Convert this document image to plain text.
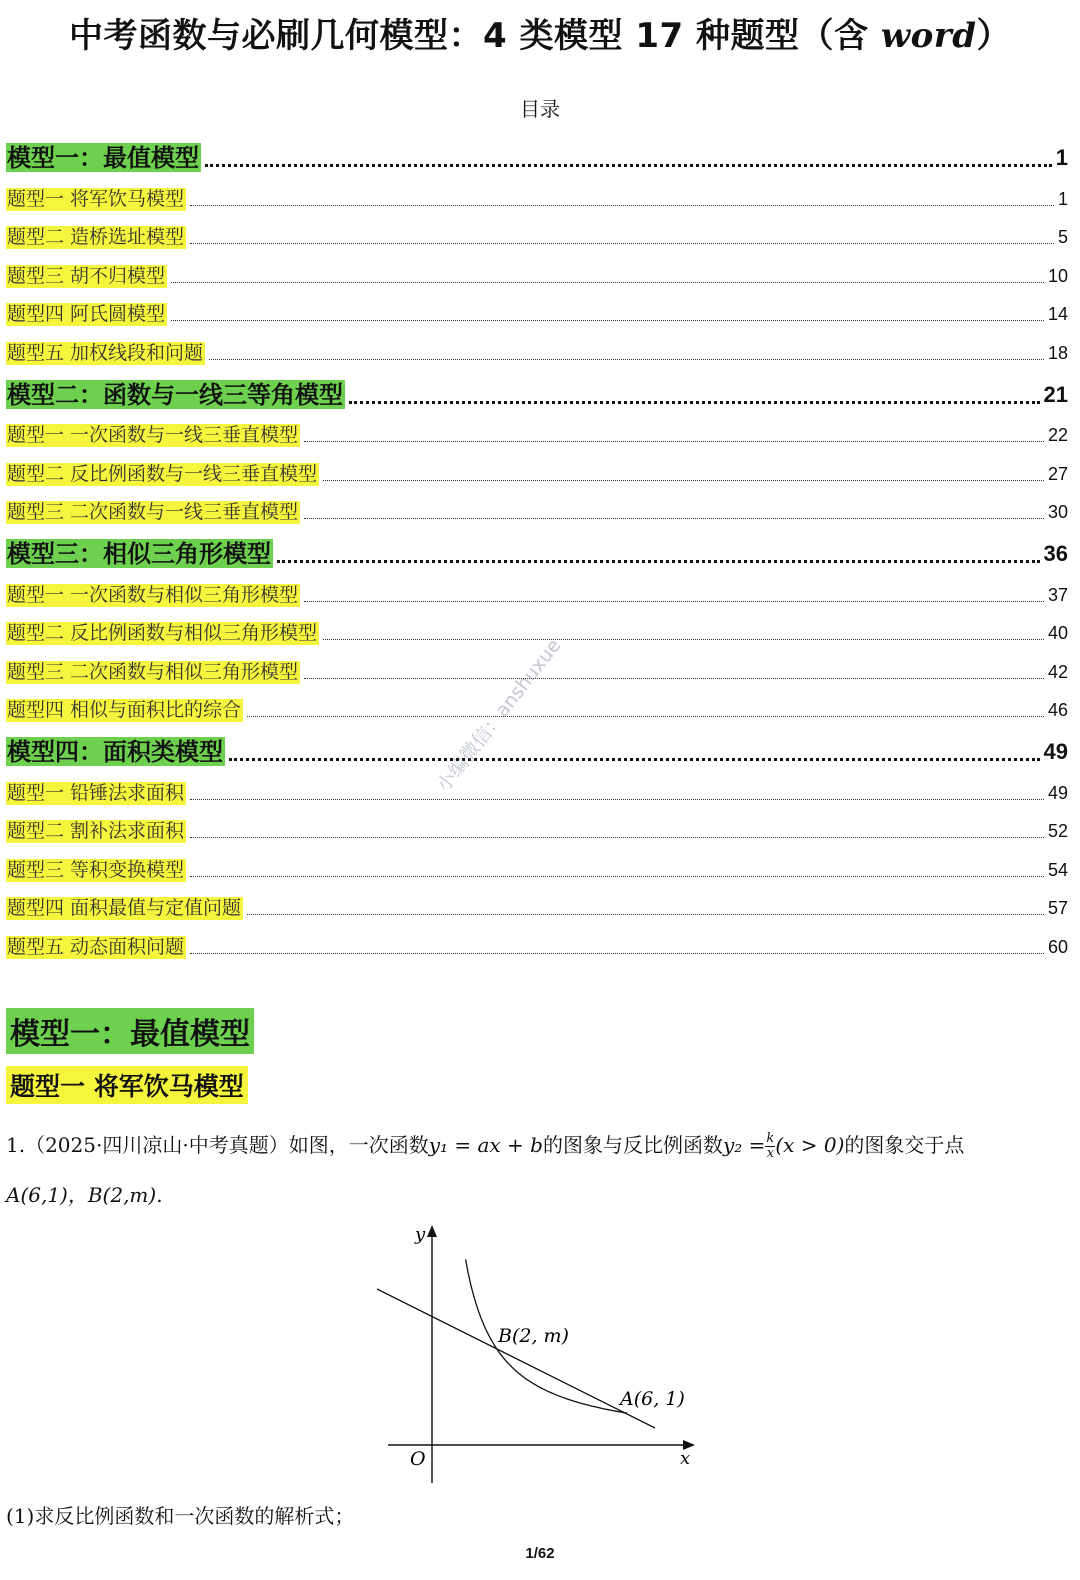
中考函数与必刷几何模型：4 类模型 17 种题型（含 word）
目录
模型一：最值模型	1
题型一 将军饮马模型	1
题型二 造桥选址模型	5
题型三 胡不归模型	10
题型四 阿氏圆模型	14
题型五 加权线段和问题	18
模型二：函数与一线三等角模型	21
题型一 一次函数与一线三垂直模型	22
题型二 反比例函数与一线三垂直模型	27
题型三 二次函数与一线三垂直模型	30
模型三：相似三角形模型	36
题型一 一次函数与相似三角形模型	37
题型二 反比例函数与相似三角形模型	40
题型三 二次函数与相似三角形模型	42
题型四 相似与面积比的综合	46
模型四：面积类模型	49
题型一 铅锤法求面积	49
题型二 割补法求面积	52
题型三 等积变换模型	54
题型四 面积最值与定值问题	57
题型五 动态面积问题	60
小编微信：anshuxue
模型一：最值模型
题型一 将军饮马模型
1.（2025·四川凉山·中考真题）如图，一次函数y₁ = ax + b的图象与反比例函数$y_2 = \frac{k}{x} (x > 0)$的图象交于点
A(6,1)，B(2,m).
y
x
O
B(2, m)
A(6, 1)
(1)求反比例函数和一次函数的解析式；
1/62
